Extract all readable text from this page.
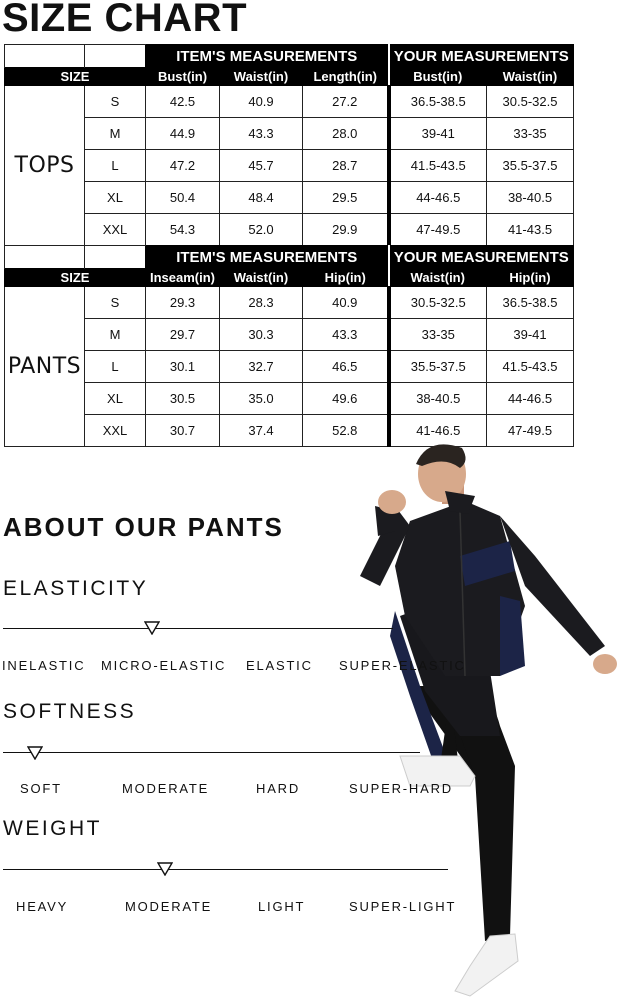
SIZE CHART
		ITEM'S MEASUREMENTS			YOUR MEASUREMENTS	
SIZE		Bust(in)	Waist(in)	Length(in)	Bust(in)	Waist(in)
TOPS	S	42.5	40.9	27.2	36.5-38.5	30.5-32.5
	M	44.9	43.3	28.0	39-41	33-35
	L	47.2	45.7	28.7	41.5-43.5	35.5-37.5
	XL	50.4	48.4	29.5	44-46.5	38-40.5
	XXL	54.3	52.0	29.9	47-49.5	41-43.5
		ITEM'S MEASUREMENTS			YOUR MEASUREMENTS	
SIZE		Inseam(in)	Waist(in)	Hip(in)	Waist(in)	Hip(in)
PANTS	S	29.3	28.3	40.9	30.5-32.5	36.5-38.5
	M	29.7	30.3	43.3	33-35	39-41
	L	30.1	32.7	46.5	35.5-37.5	41.5-43.5
	XL	30.5	35.0	49.6	38-40.5	44-46.5
	XXL	30.7	37.4	52.8	41-46.5	47-49.5
ABOUT OUR PANTS
ELASTICITY
INELASTIC MICRO-ELASTIC ELASTIC SUPER-ELASTIC
SOFTNESS
SOFT	MODERATE	HARD	SUPER-HARD
WEIGHT
HEAVY	MODERATE	LIGHT	SUPER-LIGHT
